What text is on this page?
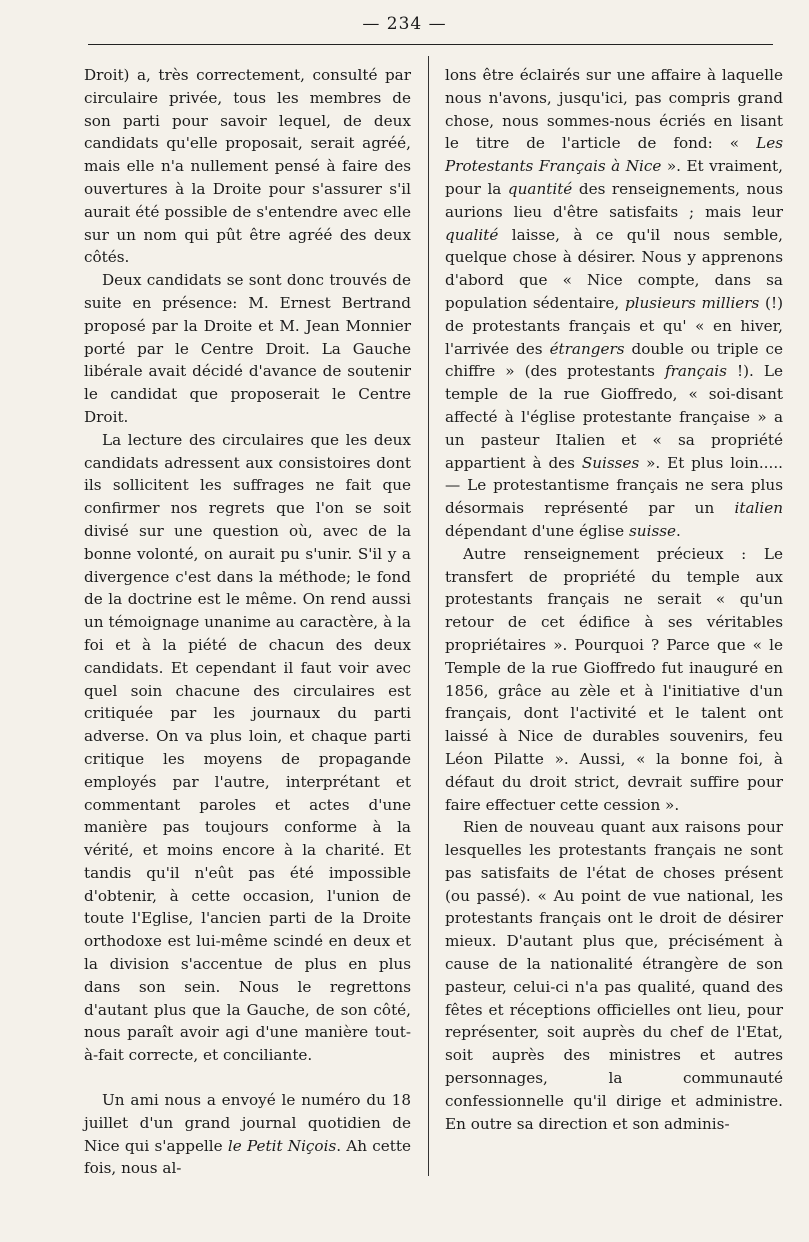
— 234 —

Droit) a, très correctement, consulté par circulaire privée, tous les membres de son parti pour savoir lequel, de deux candidats qu'elle proposait, serait agréé, mais elle n'a nullement pensé à faire des ouvertures à la Droite pour s'assurer s'il aurait été possible de s'entendre avec elle sur un nom qui pût être agréé des deux côtés.

Deux candidats se sont donc trouvés de suite en présence: M. Ernest Bertrand proposé par la Droite et M. Jean Monnier porté par le Centre Droit. La Gauche libérale avait décidé d'avance de soutenir le candidat que proposerait le Centre Droit.

La lecture des circulaires que les deux candidats adressent aux consistoires dont ils sollicitent les suffrages ne fait que confirmer nos regrets que l'on se soit divisé sur une question où, avec de la bonne volonté, on aurait pu s'unir. S'il y a divergence c'est dans la méthode; le fond de la doctrine est le même. On rend aussi un témoignage unanime au caractère, à la foi et à la piété de chacun des deux candidats. Et cependant il faut voir avec quel soin chacune des circulaires est critiquée par les journaux du parti adverse. On va plus loin, et chaque parti critique les moyens de propagande employés par l'autre, interprétant et commentant paroles et actes d'une manière pas toujours conforme à la vérité, et moins encore à la charité. Et tandis qu'il n'eût pas été impossible d'obtenir, à cette occasion, l'union de toute l'Eglise, l'ancien parti de la Droite orthodoxe est lui-même scindé en deux et la division s'accentue de plus en plus dans son sein. Nous le regrettons d'autant plus que la Gauche, de son côté, nous paraît avoir agi d'une manière tout-à-fait correcte, et conciliante.

Un ami nous a envoyé le numéro du 18 juillet d'un grand journal quotidien de Nice qui s'appelle le Petit Niçois. Ah cette fois, nous al-

lons être éclairés sur une affaire à laquelle nous n'avons, jusqu'ici, pas compris grand chose, nous sommes-nous écriés en lisant le titre de l'article de fond: « Les Protestants Français à Nice ». Et vraiment, pour la quantité des renseignements, nous aurions lieu d'être satisfaits ; mais leur qualité laisse, à ce qu'il nous semble, quelque chose à désirer. Nous y apprenons d'abord que « Nice compte, dans sa population sédentaire, plusieurs milliers (!) de protestants français et qu' « en hiver, l'arrivée des étrangers double ou triple ce chiffre » (des protestants français !). Le temple de la rue Gioffredo, « soi-disant affecté à l'église protestante française » a un pasteur Italien et « sa propriété appartient à des Suisses ». Et plus loin..... — Le protestantisme français ne sera plus désormais représenté par un italien dépendant d'une église suisse.

Autre renseignement précieux : Le transfert de propriété du temple aux protestants français ne serait « qu'un retour de cet édifice à ses véritables propriétaires ». Pourquoi ? Parce que « le Temple de la rue Gioffredo fut inauguré en 1856, grâce au zèle et à l'initiative d'un français, dont l'activité et le talent ont laissé à Nice de durables souvenirs, feu Léon Pilatte ». Aussi, « la bonne foi, à défaut du droit strict, devrait suffire pour faire effectuer cette cession ».

Rien de nouveau quant aux raisons pour lesquelles les protestants français ne sont pas satisfaits de l'état de choses présent (ou passé). « Au point de vue national, les protestants français ont le droit de désirer mieux. D'autant plus que, précisément à cause de la nationalité étrangère de son pasteur, celui-ci n'a pas qualité, quand des fêtes et réceptions officielles ont lieu, pour représenter, soit auprès du chef de l'Etat, soit auprès des ministres et autres personnages, la communauté confessionnelle qu'il dirige et administre. En outre sa direction et son adminis-
